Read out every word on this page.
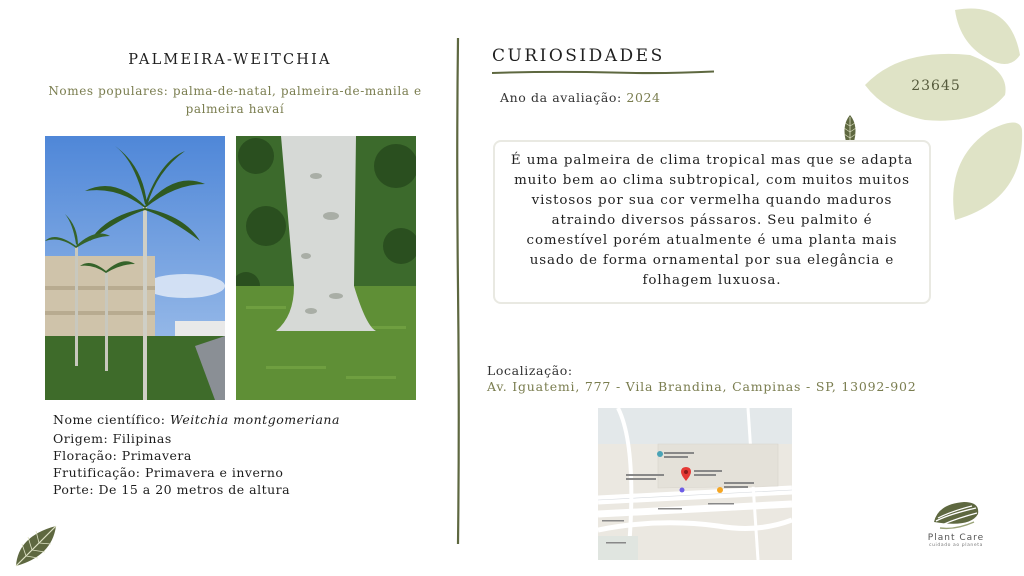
PALMEIRA-WEITCHIA
Nomes populares: palma-de-natal, palmeira-de-manila e palmeira havaí
Nome científico: Weitchia montgomeriana
Origem: Filipinas
Floração: Primavera
Frutificação: Primavera e inverno
Porte: De 15 a 20 metros de altura
CURIOSIDADES
Ano da avaliação: 2024
23645
É uma palmeira de clima tropical mas que se adapta muito bem ao clima subtropical, com muitos muitos vistosos por sua cor vermelha quando maduros atraindo diversos pássaros. Seu palmito é comestível porém atualmente é uma planta mais usado de forma ornamental por sua elegância e folhagem luxuosa.
Localização:
Av. Iguatemi, 777 - Vila Brandina, Campinas - SP, 13092-902
Plant Care
cuidado ao planeta
